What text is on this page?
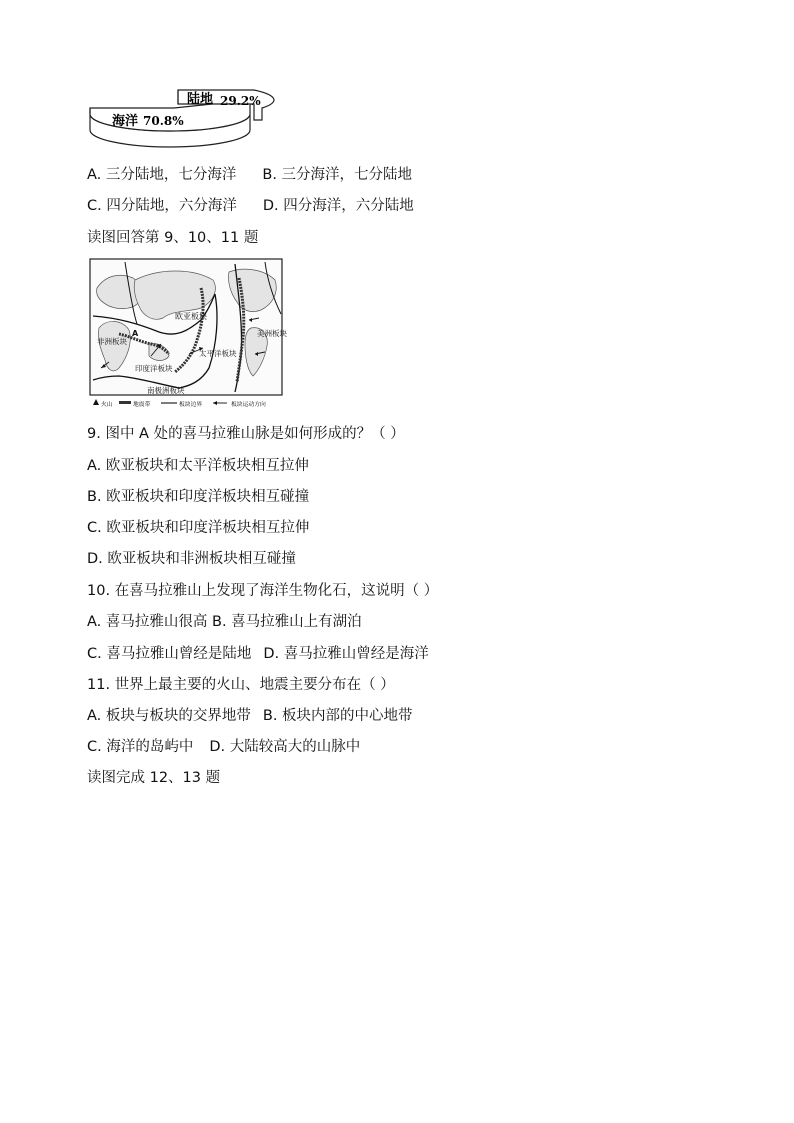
海洋 70.8%
陆地 29.2%
A. 三分陆地，七分海洋 B. 三分海洋，七分陆地
C. 四分陆地，六分海洋 D. 四分海洋，六分陆地
读图回答第 9、10、11 题
欧亚板块
非洲板块
印度洋板块
太平洋板块
美洲板块
南极洲板块
A
火山	地震带	板块边界	板块运动方向
9. 图中 A 处的喜马拉雅山脉是如何形成的？（ ）
A. 欧亚板块和太平洋板块相互拉伸
B. 欧亚板块和印度洋板块相互碰撞
C. 欧亚板块和印度洋板块相互拉伸
D. 欧亚板块和非洲板块相互碰撞
10. 在喜马拉雅山上发现了海洋生物化石，这说明（ ）
A. 喜马拉雅山很高 B. 喜马拉雅山上有湖泊
C. 喜马拉雅山曾经是陆地 D. 喜马拉雅山曾经是海洋
11. 世界上最主要的火山、地震主要分布在（ ）
A. 板块与板块的交界地带 B. 板块内部的中心地带
C. 海洋的岛屿中 D. 大陆较高大的山脉中
读图完成 12、13 题
